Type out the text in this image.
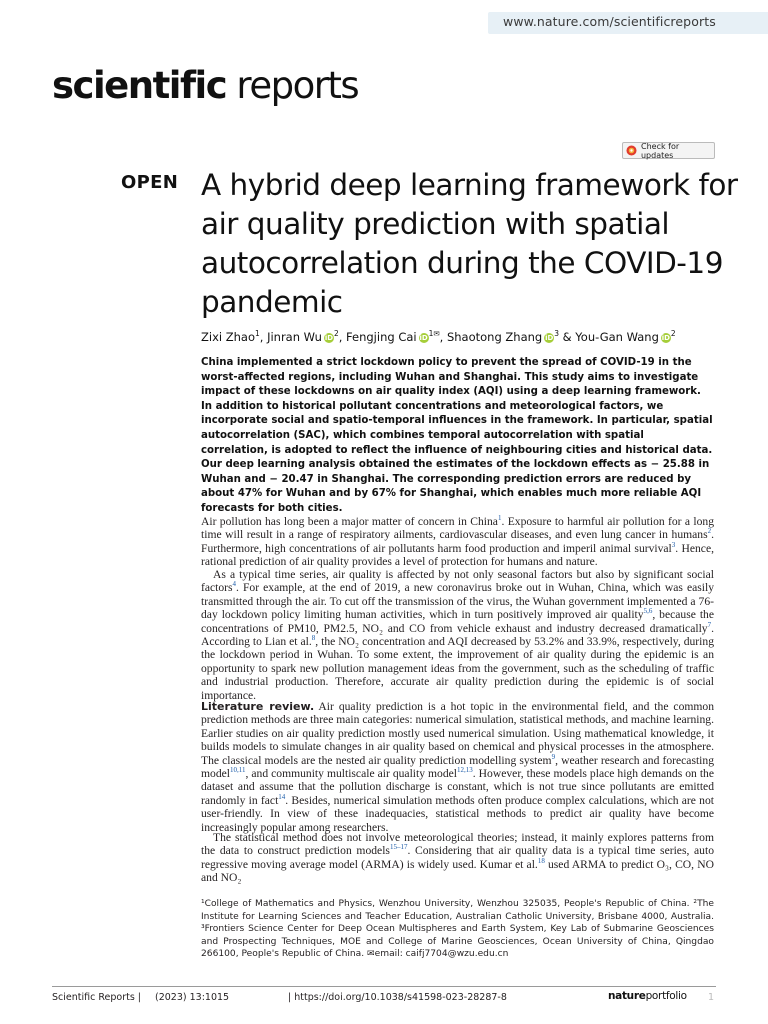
www.nature.com/scientificreports
scientific reports
Check for updates
OPEN A hybrid deep learning framework for air quality prediction with spatial autocorrelation during the COVID-19 pandemic
Zixi Zhao$^1$, Jinran Wu $iD^2$, Fengjing Cai $iD^{1✉}$, Shaotong Zhang $iD^3$ & You-Gan Wang $iD^2$

China implemented a strict lockdown policy to prevent the spread of COVID-19 in the worst-affected regions, including Wuhan and Shanghai. This study aims to investigate impact of these lockdowns on air quality index (AQI) using a deep learning framework. In addition to historical pollutant concentrations and meteorological factors, we incorporate social and spatio-temporal influences in the framework. In particular, spatial autocorrelation (SAC), which combines temporal autocorrelation with spatial correlation, is adopted to reflect the influence of neighbouring cities and historical data. Our deep learning analysis obtained the estimates of the lockdown effects as − 25.88 in Wuhan and − 20.47 in Shanghai. The corresponding prediction errors are reduced by about 47% for Wuhan and by 67% for Shanghai, which enables much more reliable AQI forecasts for both cities.

Air pollution has long been a major matter of concern in China$^1$. Exposure to harmful air pollution for a long time will result in a range of respiratory ailments, cardiovascular diseases, and even lung cancer in humans$^2$. Furthermore, high concentrations of air pollutants harm food production and imperil animal survival$^3$. Hence, rational prediction of air quality provides a level of protection for humans and nature.

As a typical time series, air quality is affected by not only seasonal factors but also by significant social factors$^4$. For example, at the end of 2019, a new coronavirus broke out in Wuhan, China, which was easily transmitted through the air. To cut off the transmission of the virus, the Wuhan government implemented a 76-day lockdown policy limiting human activities, which in turn positively improved air quality$^{5,6}$, because the concentrations of PM10, PM2.5, NO₂ and CO from vehicle exhaust and industry decreased dramatically$^7$. According to Lian et al.$^8$, the NO₂ concentration and AQI decreased by 53.2% and 33.9%, respectively, during the lockdown period in Wuhan. To some extent, the improvement of air quality during the epidemic is an opportunity to spark new pollution management ideas from the government, such as the scheduling of traffic and industrial production. Therefore, accurate air quality prediction during the epidemic is of social importance.

Literature review. Air quality prediction is a hot topic in the environmental field, and the common prediction methods are three main categories: numerical simulation, statistical methods, and machine learning. Earlier studies on air quality prediction mostly used numerical simulation. Using mathematical knowledge, it builds models to simulate changes in air quality based on chemical and physical processes in the atmosphere. The classical models are the nested air quality prediction modelling system$^9$, weather research and forecasting model$^{10,11}$, and community multiscale air quality model$^{12,13}$. However, these models place high demands on the dataset and assume that the pollution discharge is constant, which is not true since pollutants are emitted randomly in fact$^{14}$. Besides, numerical simulation methods often produce complex calculations, which are not user-friendly. In view of these inadequacies, statistical methods to predict air quality have become increasingly popular among researchers.

The statistical method does not involve meteorological theories; instead, it mainly explores patterns from the data to construct prediction models$^{15-17}$. Considering that air quality data is a typical time series, auto regressive moving average model (ARMA) is widely used. Kumar et al.$^{18}$ used ARMA to predict O₃, CO, NO and NO₂

¹College of Mathematics and Physics, Wenzhou University, Wenzhou 325035, People's Republic of China. ²The Institute for Learning Sciences and Teacher Education, Australian Catholic University, Brisbane 4000, Australia. ³Frontiers Science Center for Deep Ocean Multispheres and Earth System, Key Lab of Submarine Geosciences and Prospecting Techniques, MOE and College of Marine Geosciences, Ocean University of China, Qingdao 266100, People's Republic of China. ✉email: caifj7704@wzu.edu.cn

Scientific Reports | (2023) 13:1015	| https://doi.org/10.1038/s41598-023-28287-8	natureportfolio 1
